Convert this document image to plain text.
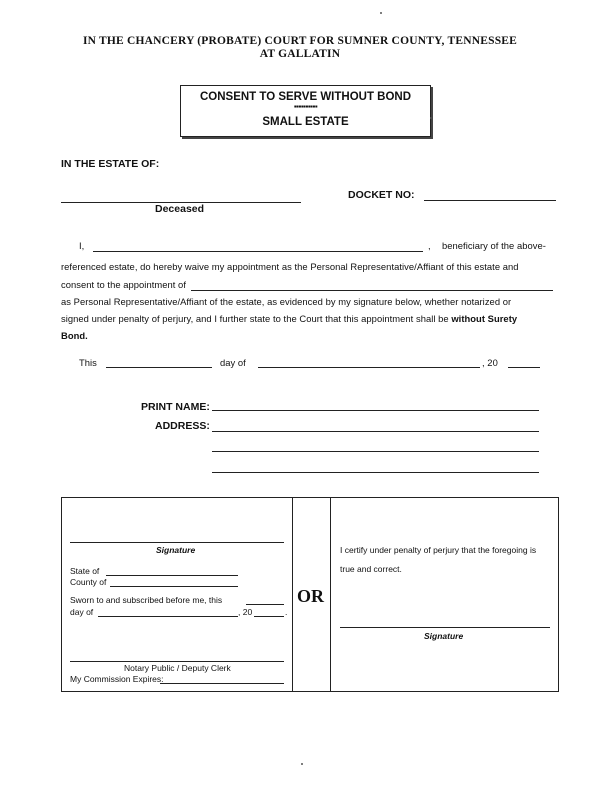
IN THE CHANCERY (PROBATE) COURT FOR SUMNER COUNTY, TENNESSEE
AT GALLATIN
CONSENT TO SERVE WITHOUT BOND
▪▪▪▪▪▪▪▪▪▪
SMALL ESTATE
IN THE ESTATE OF:
Deceased
DOCKET NO:
I,	, beneficiary of the above-
referenced estate, do hereby waive my appointment as the Personal Representative/Affiant of this estate and
consent to the appointment of
as Personal Representative/Affiant of the estate, as evidenced by my signature below, whether notarized or
signed under penalty of perjury, and I further state to the Court that this appointment shall be without Surety
Bond.
This	day of	, 20
PRINT NAME:
ADDRESS:
Signature
State of
County of
Sworn to and subscribed before me, this
day of	, 20	.
Notary Public / Deputy Clerk
My Commission Expires:
OR
I certify under penalty of perjury that the foregoing is
true and correct.
Signature
